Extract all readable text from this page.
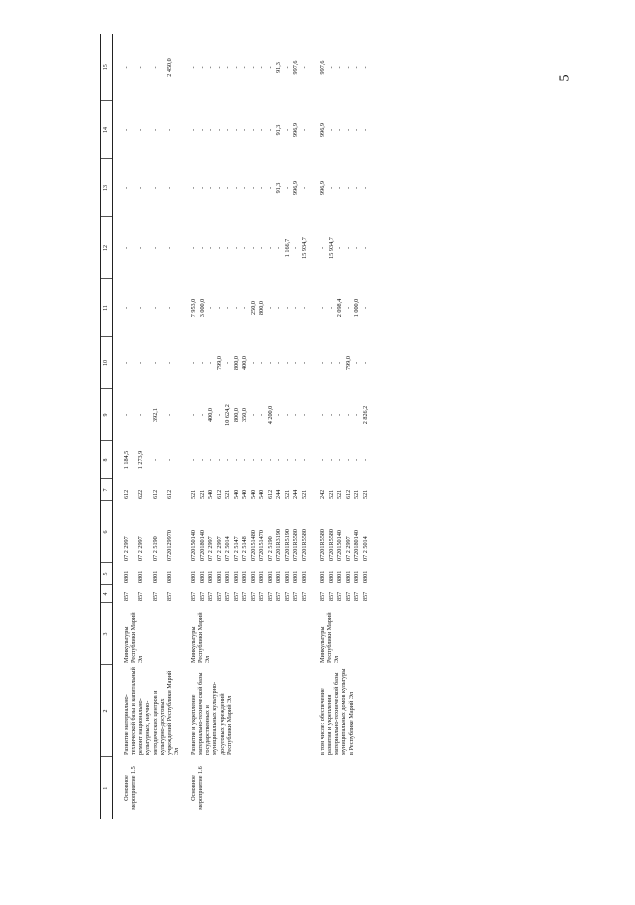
5
1	2	3	4	5	6	7	8	9	10	11	12	13	14	15

Основное мероприятие 1.5	Развитие материально-технической базы и капитальный ремонт национально-культурных, научно-методических центров и культурно-досуговых учреждений Республики Марий Эл	Минкультуры Республики Марий Эл	857	0801	07 2 2997	612	1 184,5	-	-	-	-	-	-	-
			857	0801	07 2 2997	622	1 273,9	-	-	-	-	-	-	-
			857	0801	07 2 5190	612	-	392,1	-	-	-	-	-	-
			857	0801	0720129970	612	-	-	-	-	-	-	-	2 450,0

Основное мероприятие 1.6	Развитие и укрепление материально-технической базы государственных и муниципальных культурно-досуговых учреждений Республики Марий Эл	Минкультуры Республики Марий Эл	857	0801	0720150140	521	-	-	-	7 953,0	-	-	-	-
			857	0801	0720180140	521	-	-	-	3 000,0	-	-	-	-
			857	0801	07 2 2997	540	-	400,0	-	-	-	-	-	-
			857	0801	07 2 2997	612	-	-	799,0	-	-	-	-	-
			857	0801	07 2 5014	521	-	10 624,2	-	-	-	-	-	-
			857	0801	07 2 5147	540	-	800,0	800,0	-	-	-	-	-
			857	0801	07 2 5148	540	-	350,0	400,0	-	-	-	-	-
			857	0801	0720151480	540	-	-	-	250,0	-	-	-	-
			857	0801	0720151470	540	-	-	-	800,0	-	-	-	-
			857	0801	07 2 5190	612	-	4 200,0	-	-	-	-	-	-
			857	0801	07201R3190	244	-	-	-	-	-	91,3	91,3	91,3
			857	0801	07201R5190	521	-	-	-	-	1 166,7	-	-	-
			857	0801	07201R5580	244	-	-	-	-	-	996,9	996,9	997,6
			857	0801	07201R5580	521	-	-	-	-	15 934,7	-	-	-

	в том числе: обеспечение развития и укрепления материально-технической базы муниципальных домов культуры в Республике Марий Эл	Минкультуры Республики Марий Эл	857	0801	07201R5580	242	-	-	-	-	-	996,9	996,9	997,6
			857	0801	07201R5580	521	-	-	-	-	15 934,7	-	-	-
			857	0801	0720150140	521	-	-	-	2 098,4	-	-	-	-
			857	0801	07 2 2997	612	-	-	799,0	-	-	-	-	-
			857	0801	0720180140	521	-	-	-	1 000,0	-	-	-	-
			857	0801	07 2 5014	521	-	2 826,2	-	-	-	-	-	-
